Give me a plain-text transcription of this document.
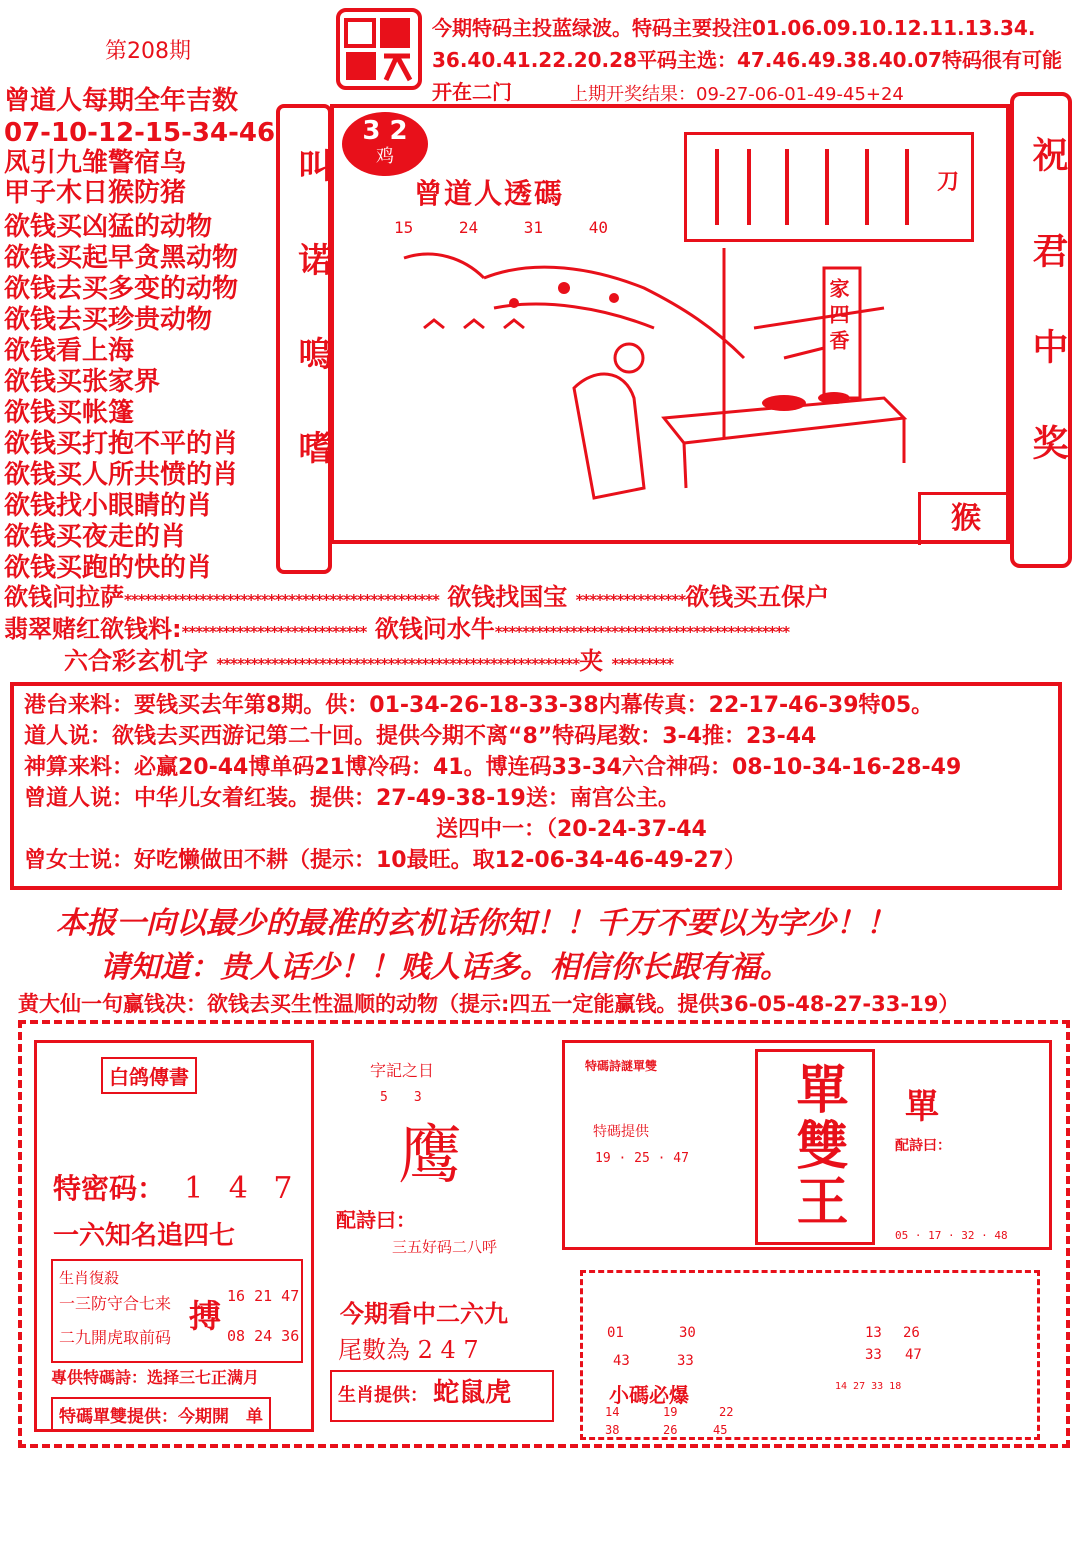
第208期
今期特码主投蓝绿波。特码主要投注01.06.09.10.12.11.13.34.
36.40.41.22.20.28平码主选：47.46.49.38.40.07特码很有可能
开在二门	上期开奖结果：09-27-06-01-49-45+24
曾道人每期全年吉数
07-10-12-15-34-46
凤引九雏警宿乌
甲子木日猴防猪
欲钱买凶猛的动物
欲钱买起早贪黑动物
欲钱去买多变的动物
欲钱去买珍贵动物
欲钱看上海
欲钱买张家界
欲钱买帐篷
欲钱买打抱不平的肖
欲钱买人所共愤的肖
欲钱找小眼睛的肖
欲钱买夜走的肖
欲钱买跑的快的肖
叫诺嗚嗜	祝君中奖
3 2
鸡
曾道人透碼
15 24 31 40
刀
家四香
猴
欲钱问拉萨********************************************** 欲钱找国宝 ****************欲钱买五保户
翡翠赌红欲钱料:*************************** 欲钱问水牛*******************************************
六合彩玄机字 *****************************************************夹 *********
港台来料：要钱买去年第8期。供：01-34-26-18-33-38内幕传真：22-17-46-39特05。
道人说：欲钱去买西游记第二十回。提供今期不离“8”特码尾数：3-4推：23-44
神算来料：必赢20-44博单码21博冷码：41。博连码33-34六合神码：08-10-34-16-28-49
曾道人说：中华儿女着红装。提供：27-49-38-19送：南宫公主。
送四中一：（20-24-37-44
曾女士说：好吃懒做田不耕（提示：10最旺。取12-06-34-46-49-27）
本报一向以最少的最准的玄机话你知！！千万不要以为字少！！
请知道：贵人话少！！贱人话多。相信你长跟有福。
黄大仙一句赢钱决：欲钱去买生性温顺的动物（提示:四五一定能赢钱。提供36-05-48-27-33-19）
白鸽傳書
特密码： 1 4 7
一六知名追四七
生肖復殺
一三防守合七来
二九開虎取前码
搏
16 21 47
08 24 36
專供特碼詩：选择三七正满月
特碼單雙提供：今期開　单
字記之日
5　　3
鹰
配詩曰：
三五好码二八呼
今期看中二六九
尾數為 2 4 7
生肖提供： 蛇鼠虎
特碼詩謎單雙
特碼提供
19 · 25 · 47 單雙王 單
配詩曰：
05 · 17 · 32 · 48
01	30
43	33
小碼必爆
14	19	22
38	26	45
13 26
33 47
14 27 33 18
